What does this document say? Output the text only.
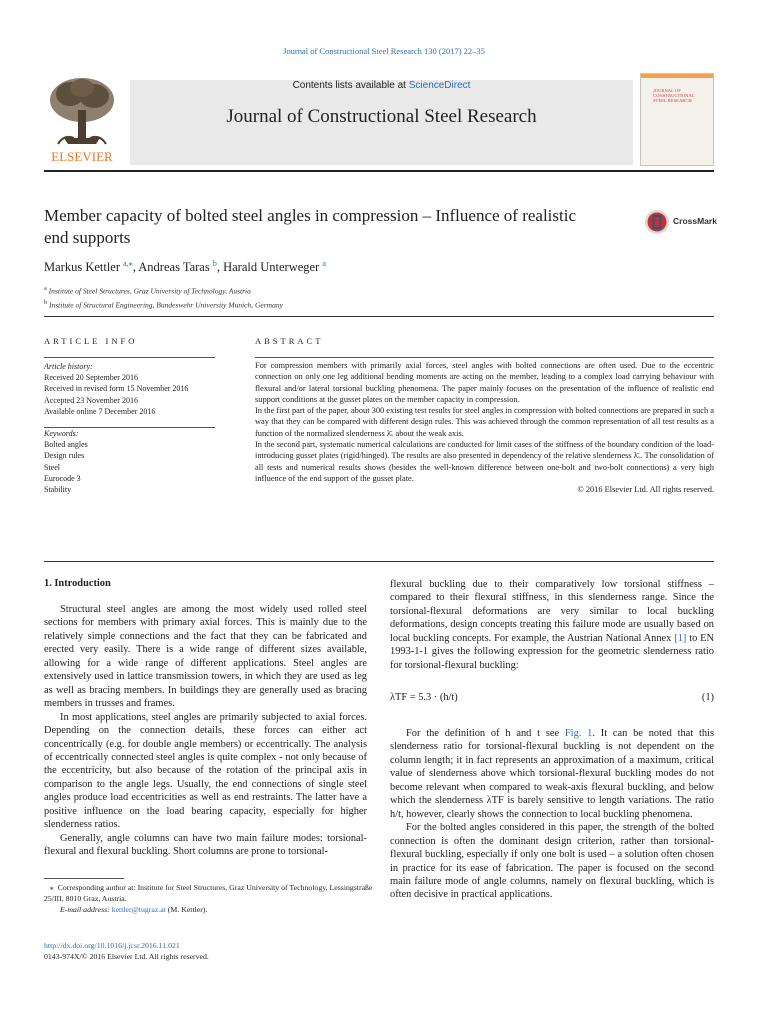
Journal of Constructional Steel Research 130 (2017) 22–35
Contents lists available at ScienceDirect
Journal of Constructional Steel Research
ELSEVIER
JOURNAL OF
CONSTRUCTIONAL
STEEL RESEARCH
Member capacity of bolted steel angles in compression – Influence of realistic end supports
CrossMark
Markus Kettler $^{a,⁎}$, Andreas Taras $^b$, Harald Unterweger $^a$
$^a$ Institute of Steel Structures, Graz University of Technology, Austria
$^b$ Institute of Structural Engineering, Bundeswehr University Munich, Germany
ARTICLE INFO	ABSTRACT
Article history:
Received 20 September 2016
Received in revised form 15 November 2016
Accepted 23 November 2016
Available online 7 December 2016
Keywords:
Bolted angles
Design rules
Steel
Eurocode 3
Stability

For compression members with primarily axial forces, steel angles with bolted connections are often used. Due to the eccentric connection on only one leg additional bending moments are acting on the member, leading to a complex load carrying behaviour with flexural and/or lateral torsional buckling phenomena. The paper mainly focuses on the presentation of the influence of realistic end support conditions at the gusset plates on the member capacity in compression.

In the first part of the paper, about 300 existing test results for steel angles in compression with bolted connections are prepared in such a way that they can be compared with different design rules. This was achieved through the common representation of all test results as a function of the normalized slenderness λ̄ᵥ about the weak axis.

In the second part, systematic numerical calculations are conducted for limit cases of the stiffness of the boundary condition of the load-introducing gusset plates (rigid/hinged). The results are also presented in dependency of the relative slenderness λ̄ᵥ. The consolidation of all tests and numerical results shows (besides the well-known difference between one-bolt and two-bolt connections) a very high influence of the end support of the gusset plate.

© 2016 Elsevier Ltd. All rights reserved.

1. Introduction

Structural steel angles are among the most widely used rolled steel sections for members with primary axial forces. This is mainly due to the relatively simple connections and the fact that they can be fabricated and erected very easily. There is a wide range of different sizes available, allowing for a wide range of different applications. Steel angles are extensively used in lattice transmission towers, in which they are used as leg as well as bracing members. In buildings they are generally used as bracing members in trusses and frames.

In most applications, steel angles are primarily subjected to axial forces. Depending on the connection details, these forces can either act concentrically (e.g. for double angle members) or eccentrically. The analysis of eccentrically connected steel angles is quite complex - not only because of the eccentricity, but also because of the rotation of the principal axis in comparison to the angle legs. Usually, the end connections of single steel angles produce load eccentricities as well as end restraints. The latter have a positive influence on the load bearing capacity, especially for higher slenderness ratios.

Generally, angle columns can have two main failure modes: torsional-flexural and flexural buckling. Short columns are prone to torsional-

flexural buckling due to their comparatively low torsional stiffness – compared to their flexural stiffness, in this slenderness range. Since the torsional-flexural deformations are very similar to local buckling deformations, design concepts treating this failure mode are usually based on local buckling concepts. For example, the Austrian National Annex [1] to EN 1993-1-1 gives the following expression for the geometric slenderness ratio for torsional-flexural buckling:

λTF = 5.3 · (h/t)	(1)

For the definition of h and t see Fig. 1. It can be noted that this slenderness ratio for torsional-flexural buckling is not dependent on the column length; it in fact represents an approximation of a maximum, critical value of slenderness above which torsional-flexural buckling modes do not become relevant when compared to weak-axis flexural buckling, and below which the slenderness λTF is barely sensitive to length variations. The ratio h/t, however, clearly shows the connection to local buckling phenomena.

For the bolted angles considered in this paper, the strength of the bolted connection is often the dominant design criterion, rather than torsional-flexural buckling, especially if only one bolt is used – a solution often chosen in practice for its ease of fabrication. The paper is focused on the second main failure mode of angle columns, namely on flexural buckling, which is often decisive in practical applications.

⁎ Corresponding author at: Institute for Steel Structures, Graz University of Technology, Lessingstraße 25/III, 8010 Graz, Austria.
E-mail address: kettler@tugraz.at (M. Kettler).
http://dx.doi.org/10.1016/j.jcsr.2016.11.021
0143-974X/© 2016 Elsevier Ltd. All rights reserved.
